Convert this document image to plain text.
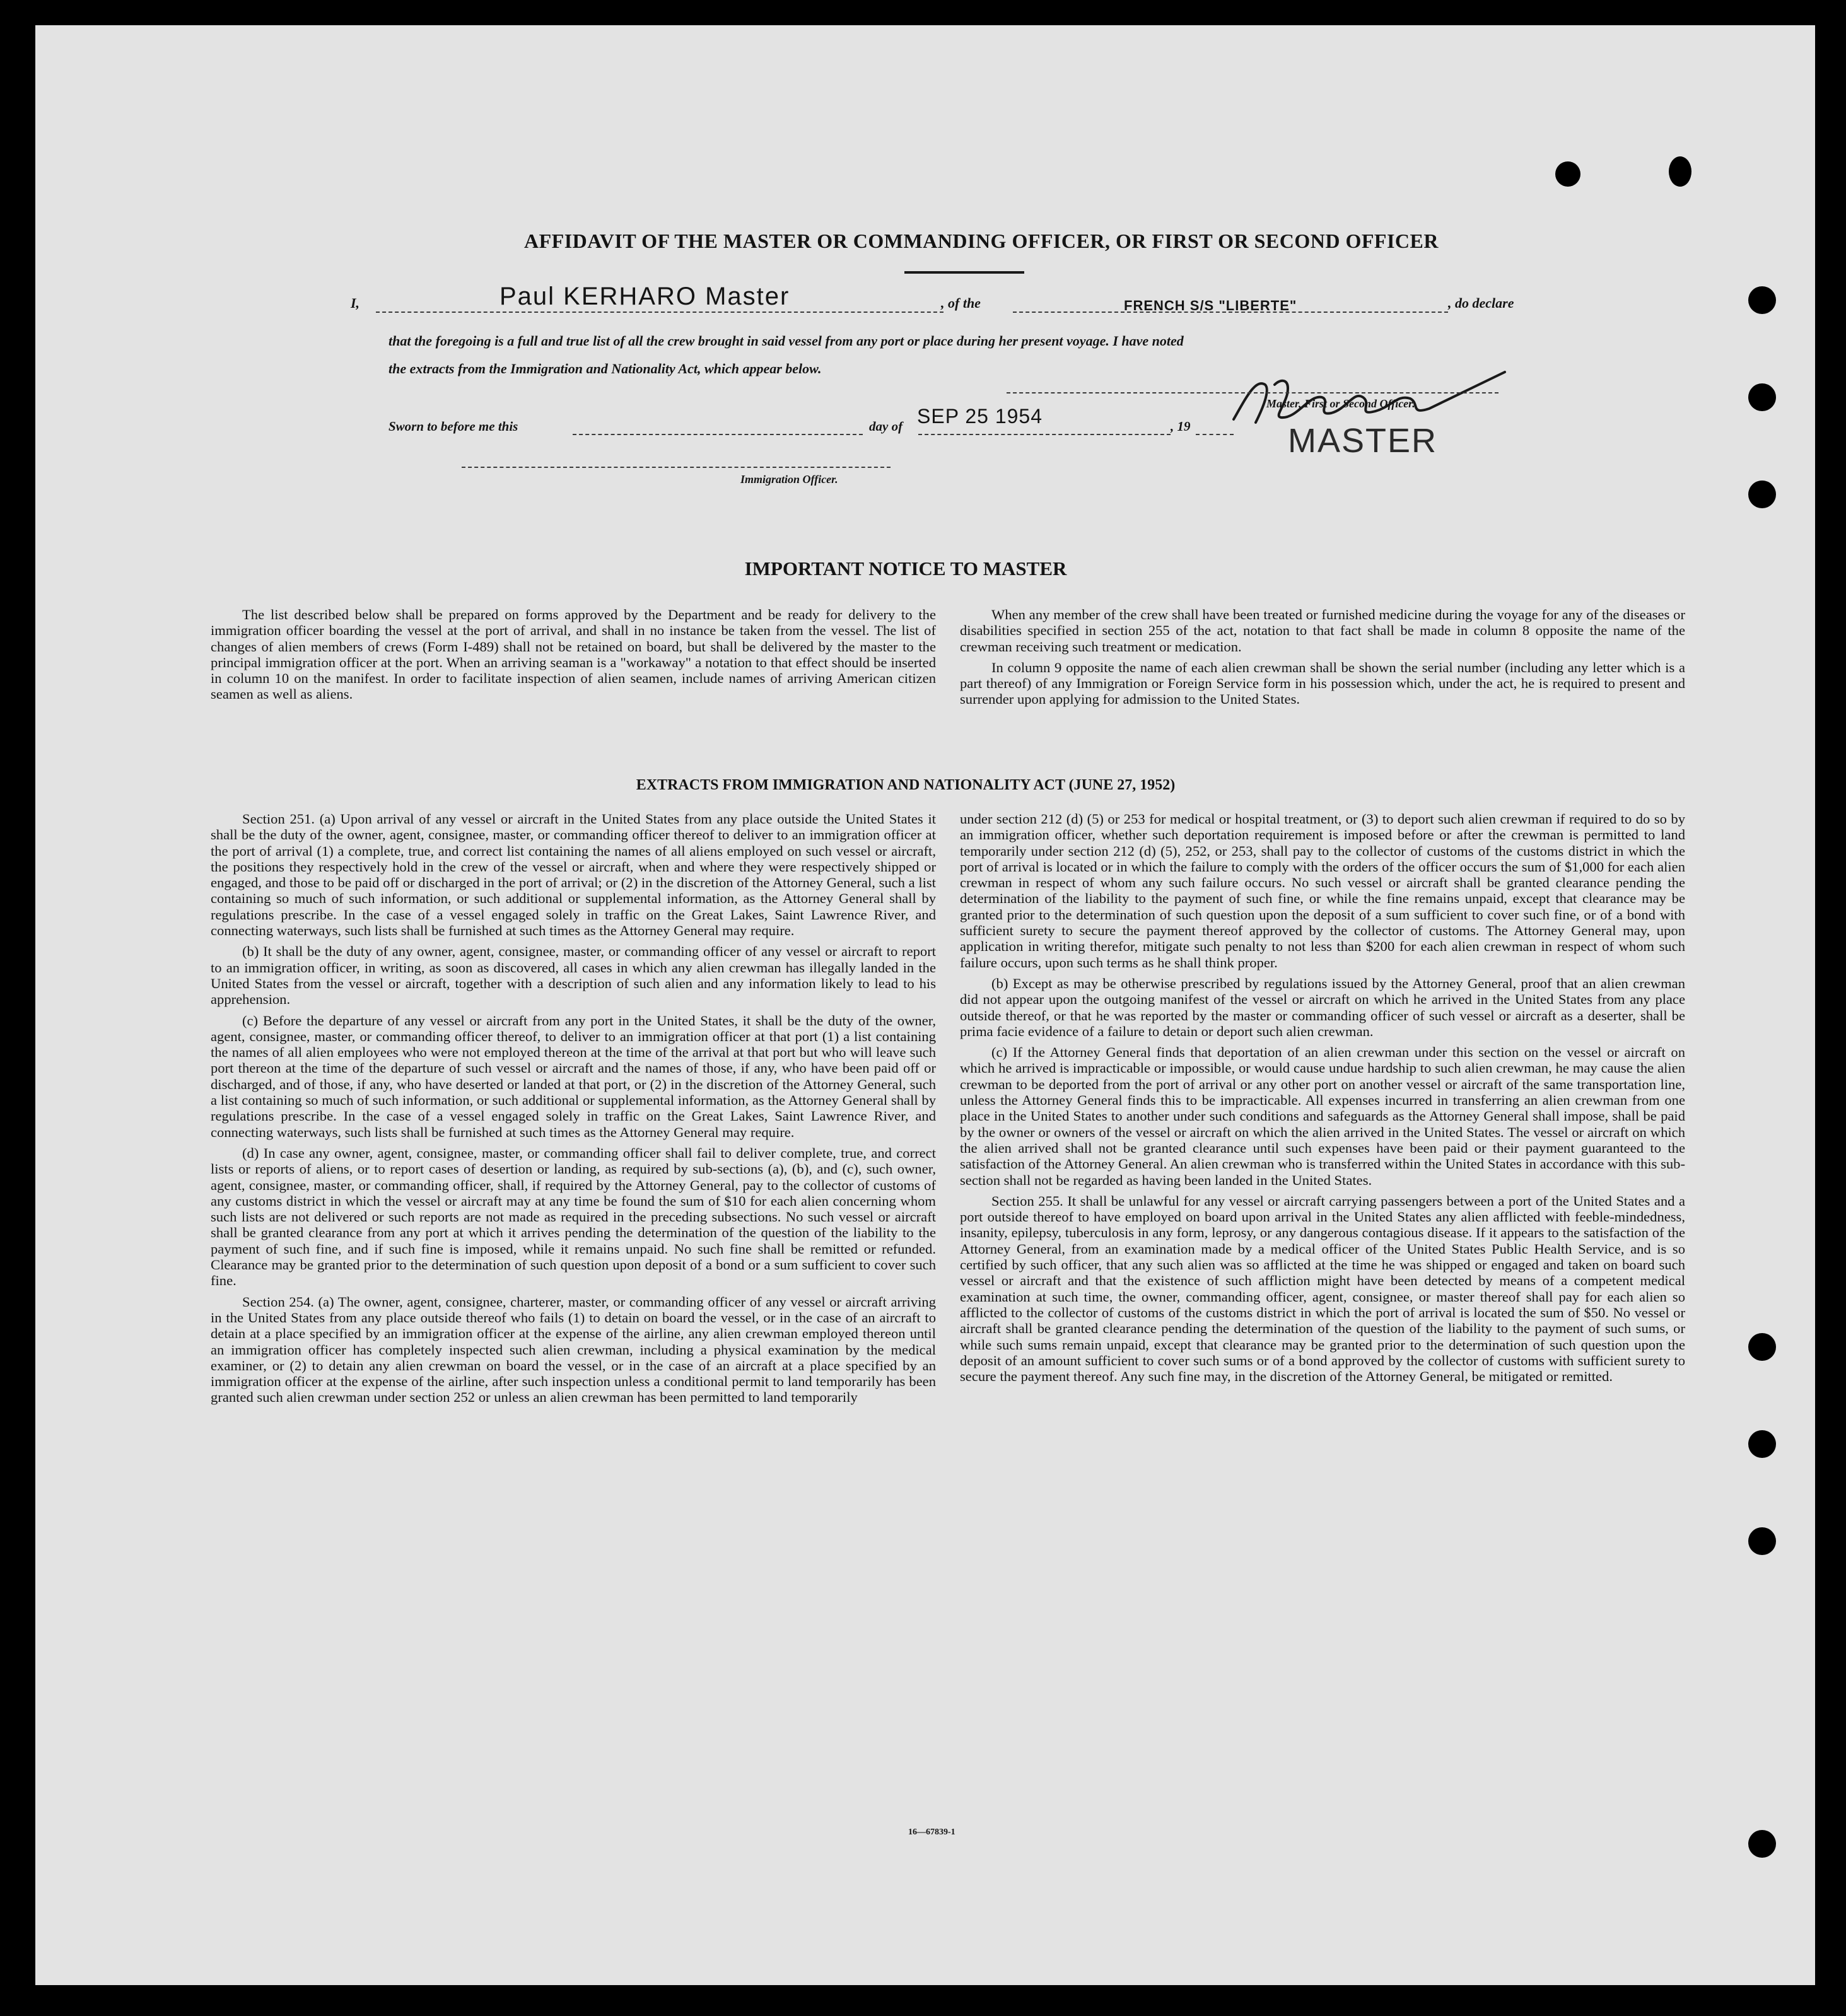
AFFIDAVIT OF THE MASTER OR COMMANDING OFFICER, OR FIRST OR SECOND OFFICER
I,	Paul KERHARO Master	, of the	FRENCH S/S "LIBERTE"	, do declare

that the foregoing is a full and true list of all the crew brought in said vessel from any port or place during her present voyage. I have noted

the extracts from the Immigration and Nationality Act, which appear below.

Master, First or Second Officer.
MASTER
Sworn to before me this	day of SEP 25 1954	, 19
Immigration Officer.
IMPORTANT NOTICE TO MASTER

The list described below shall be prepared on forms approved by the Department and be ready for delivery to the immigration officer boarding the vessel at the port of arrival, and shall in no instance be taken from the vessel. The list of changes of alien members of crews (Form I-489) shall not be retained on board, but shall be delivered by the master to the principal immigration officer at the port. When an arriving seaman is a "workaway" a notation to that effect should be inserted in column 10 on the manifest. In order to facilitate inspection of alien seamen, include names of arriving American citizen seamen as well as aliens.

When any member of the crew shall have been treated or furnished medicine during the voyage for any of the diseases or disabilities specified in section 255 of the act, notation to that fact shall be made in column 8 opposite the name of the crewman receiving such treatment or medication.

In column 9 opposite the name of each alien crewman shall be shown the serial number (including any letter which is a part thereof) of any Immigration or Foreign Service form in his possession which, under the act, he is required to present and surrender upon applying for admission to the United States.

EXTRACTS FROM IMMIGRATION AND NATIONALITY ACT (JUNE 27, 1952)

Section 251. (a) Upon arrival of any vessel or aircraft in the United States from any place outside the United States it shall be the duty of the owner, agent, consignee, master, or commanding officer thereof to deliver to an immigration officer at the port of arrival (1) a complete, true, and correct list containing the names of all aliens employed on such vessel or aircraft, the positions they respectively hold in the crew of the vessel or aircraft, when and where they were respectively shipped or engaged, and those to be paid off or discharged in the port of arrival; or (2) in the discretion of the Attorney General, such a list containing so much of such information, or such additional or supplemental information, as the Attorney General shall by regulations prescribe. In the case of a vessel engaged solely in traffic on the Great Lakes, Saint Lawrence River, and connecting waterways, such lists shall be furnished at such times as the Attorney General may require.

(b) It shall be the duty of any owner, agent, consignee, master, or commanding officer of any vessel or aircraft to report to an immigration officer, in writing, as soon as discovered, all cases in which any alien crewman has illegally landed in the United States from the vessel or aircraft, together with a description of such alien and any information likely to lead to his apprehension.

(c) Before the departure of any vessel or aircraft from any port in the United States, it shall be the duty of the owner, agent, consignee, master, or commanding officer thereof, to deliver to an immigration officer at that port (1) a list containing the names of all alien employees who were not employed thereon at the time of the arrival at that port but who will leave such port thereon at the time of the departure of such vessel or aircraft and the names of those, if any, who have been paid off or discharged, and of those, if any, who have deserted or landed at that port, or (2) in the discretion of the Attorney General, such a list containing so much of such information, or such additional or supplemental information, as the Attorney General shall by regulations prescribe. In the case of a vessel engaged solely in traffic on the Great Lakes, Saint Lawrence River, and connecting waterways, such lists shall be furnished at such times as the Attorney General may require.

(d) In case any owner, agent, consignee, master, or commanding officer shall fail to deliver complete, true, and correct lists or reports of aliens, or to report cases of desertion or landing, as required by sub-sections (a), (b), and (c), such owner, agent, consignee, master, or commanding officer, shall, if required by the Attorney General, pay to the collector of customs of any customs district in which the vessel or aircraft may at any time be found the sum of $10 for each alien concerning whom such lists are not delivered or such reports are not made as required in the preceding subsections. No such vessel or aircraft shall be granted clearance from any port at which it arrives pending the determination of the question of the liability to the payment of such fine, and if such fine is imposed, while it remains unpaid. No such fine shall be remitted or refunded. Clearance may be granted prior to the determination of such question upon deposit of a bond or a sum sufficient to cover such fine.

Section 254. (a) The owner, agent, consignee, charterer, master, or commanding officer of any vessel or aircraft arriving in the United States from any place outside thereof who fails (1) to detain on board the vessel, or in the case of an aircraft to detain at a place specified by an immigration officer at the expense of the airline, any alien crewman employed thereon until an immigration officer has completely inspected such alien crewman, including a physical examination by the medical examiner, or (2) to detain any alien crewman on board the vessel, or in the case of an aircraft at a place specified by an immigration officer at the expense of the airline, after such inspection unless a conditional permit to land temporarily has been granted such alien crewman under section 252 or unless an alien crewman has been permitted to land temporarily

under section 212 (d) (5) or 253 for medical or hospital treatment, or (3) to deport such alien crewman if required to do so by an immigration officer, whether such deportation requirement is imposed before or after the crewman is permitted to land temporarily under section 212 (d) (5), 252, or 253, shall pay to the collector of customs of the customs district in which the port of arrival is located or in which the failure to comply with the orders of the officer occurs the sum of $1,000 for each alien crewman in respect of whom any such failure occurs. No such vessel or aircraft shall be granted clearance pending the determination of the liability to the payment of such fine, or while the fine remains unpaid, except that clearance may be granted prior to the determination of such question upon the deposit of a sum sufficient to cover such fine, or of a bond with sufficient surety to secure the payment thereof approved by the collector of customs. The Attorney General may, upon application in writing therefor, mitigate such penalty to not less than $200 for each alien crewman in respect of whom such failure occurs, upon such terms as he shall think proper.

(b) Except as may be otherwise prescribed by regulations issued by the Attorney General, proof that an alien crewman did not appear upon the outgoing manifest of the vessel or aircraft on which he arrived in the United States from any place outside thereof, or that he was reported by the master or commanding officer of such vessel or aircraft as a deserter, shall be prima facie evidence of a failure to detain or deport such alien crewman.

(c) If the Attorney General finds that deportation of an alien crewman under this section on the vessel or aircraft on which he arrived is impracticable or impossible, or would cause undue hardship to such alien crewman, he may cause the alien crewman to be deported from the port of arrival or any other port on another vessel or aircraft of the same transportation line, unless the Attorney General finds this to be impracticable. All expenses incurred in transferring an alien crewman from one place in the United States to another under such conditions and safeguards as the Attorney General shall impose, shall be paid by the owner or owners of the vessel or aircraft on which the alien arrived in the United States. The vessel or aircraft on which the alien arrived shall not be granted clearance until such expenses have been paid or their payment guaranteed to the satisfaction of the Attorney General. An alien crewman who is transferred within the United States in accordance with this sub-section shall not be regarded as having been landed in the United States.

Section 255. It shall be unlawful for any vessel or aircraft carrying passengers between a port of the United States and a port outside thereof to have employed on board upon arrival in the United States any alien afflicted with feeble-mindedness, insanity, epilepsy, tuberculosis in any form, leprosy, or any dangerous contagious disease. If it appears to the satisfaction of the Attorney General, from an examination made by a medical officer of the United States Public Health Service, and is so certified by such officer, that any such alien was so afflicted at the time he was shipped or engaged and taken on board such vessel or aircraft and that the existence of such affliction might have been detected by means of a competent medical examination at such time, the owner, commanding officer, agent, consignee, or master thereof shall pay for each alien so afflicted to the collector of customs of the customs district in which the port of arrival is located the sum of $50. No vessel or aircraft shall be granted clearance pending the determination of the question of the liability to the payment of such sums, or while such sums remain unpaid, except that clearance may be granted prior to the determination of such question upon the deposit of an amount sufficient to cover such sums or of a bond approved by the collector of customs with sufficient surety to secure the payment thereof. Any such fine may, in the discretion of the Attorney General, be mitigated or remitted.

16—67839-1
